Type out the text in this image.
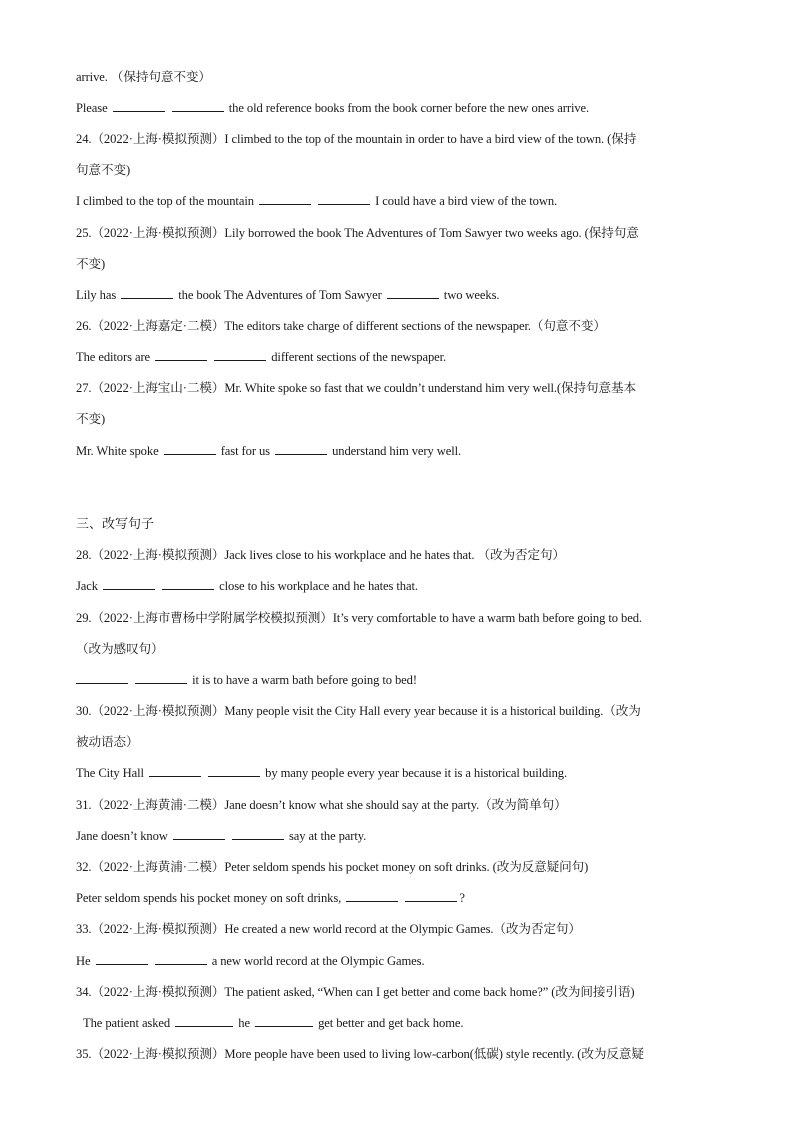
arrive. （保持句意不变）
Please	the old reference books from the book corner before the new ones arrive.
24.（2022·上海·模拟预测）I climbed to the top of the mountain in order to have a bird view of the town. (保持
句意不变)
I climbed to the top of the mountain	I could have a bird view of the town.
25.（2022·上海·模拟预测）Lily borrowed the book The Adventures of Tom Sawyer two weeks ago. (保持句意
不变)
Lily has	the book The Adventures of Tom Sawyer	two weeks.
26.（2022·上海嘉定·二模）The editors take charge of different sections of the newspaper.（句意不变）
The editors are	different sections of the newspaper.
27.（2022·上海宝山·二模）Mr. White spoke so fast that we couldn’t understand him very well.(保持句意基本
不变)
Mr. White spoke	fast for us	understand him very well.
三、改写句子
28.（2022·上海·模拟预测）Jack lives close to his workplace and he hates that. （改为否定句）
Jack	close to his workplace and he hates that.
29.（2022·上海市曹杨中学附属学校模拟预测）It’s very comfortable to have a warm bath before going to bed.
（改为感叹句）
it is to have a warm bath before going to bed!
30.（2022·上海·模拟预测）Many people visit the City Hall every year because it is a historical building.（改为
被动语态）
The City Hall	by many people every year because it is a historical building.
31.（2022·上海黄浦·二模）Jane doesn’t know what she should say at the party.（改为简单句）
Jane doesn’t know	say at the party.
32.（2022·上海黄浦·二模）Peter seldom spends his pocket money on soft drinks. (改为反意疑问句)
Peter seldom spends his pocket money on soft drinks,	?
33.（2022·上海·模拟预测）He created a new world record at the Olympic Games.（改为否定句）
He	a new world record at the Olympic Games.
34.（2022·上海·模拟预测）The patient asked, “When can I get better and come back home?” (改为间接引语)
The patient asked	he	get better and get back home.
35.（2022·上海·模拟预测）More people have been used to living low-carbon(低碳) style recently. (改为反意疑
